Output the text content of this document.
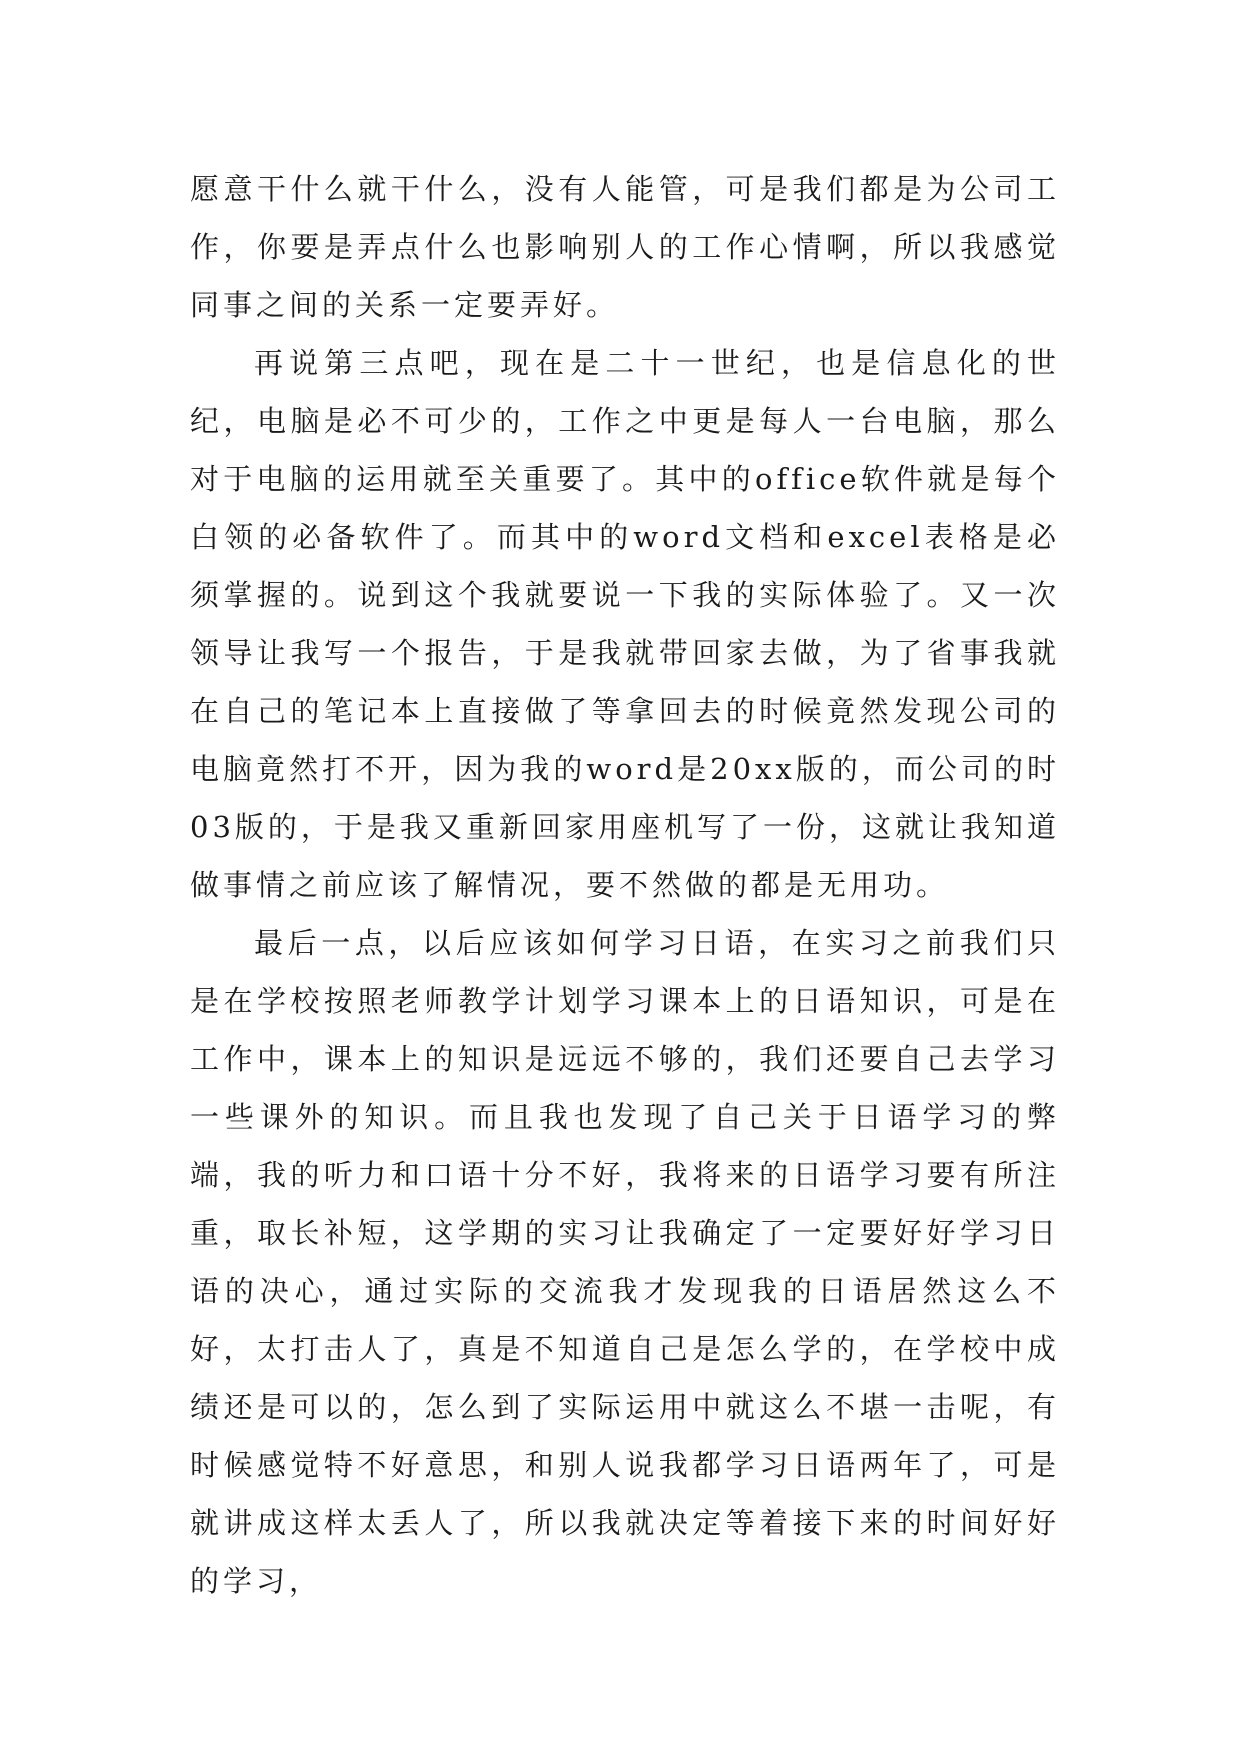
愿意干什么就干什么，没有人能管，可是我们都是为公司工作，你要是弄点什么也影响别人的工作心情啊，所以我感觉同事之间的关系一定要弄好。

再说第三点吧，现在是二十一世纪，也是信息化的世纪，电脑是必不可少的，工作之中更是每人一台电脑，那么对于电脑的运用就至关重要了。其中的office软件就是每个白领的必备软件了。而其中的word文档和excel表格是必须掌握的。说到这个我就要说一下我的实际体验了。又一次领导让我写一个报告，于是我就带回家去做，为了省事我就在自己的笔记本上直接做了等拿回去的时候竟然发现公司的电脑竟然打不开，因为我的word是20xx版的，而公司的时03版的，于是我又重新回家用座机写了一份，这就让我知道做事情之前应该了解情况，要不然做的都是无用功。

最后一点，以后应该如何学习日语，在实习之前我们只是在学校按照老师教学计划学习课本上的日语知识，可是在工作中，课本上的知识是远远不够的，我们还要自己去学习一些课外的知识。而且我也发现了自己关于日语学习的弊端，我的听力和口语十分不好，我将来的日语学习要有所注重，取长补短，这学期的实习让我确定了一定要好好学习日语的决心，通过实际的交流我才发现我的日语居然这么不好，太打击人了，真是不知道自己是怎么学的，在学校中成绩还是可以的，怎么到了实际运用中就这么不堪一击呢，有时候感觉特不好意思，和别人说我都学习日语两年了，可是就讲成这样太丢人了，所以我就决定等着接下来的时间好好的学习，
